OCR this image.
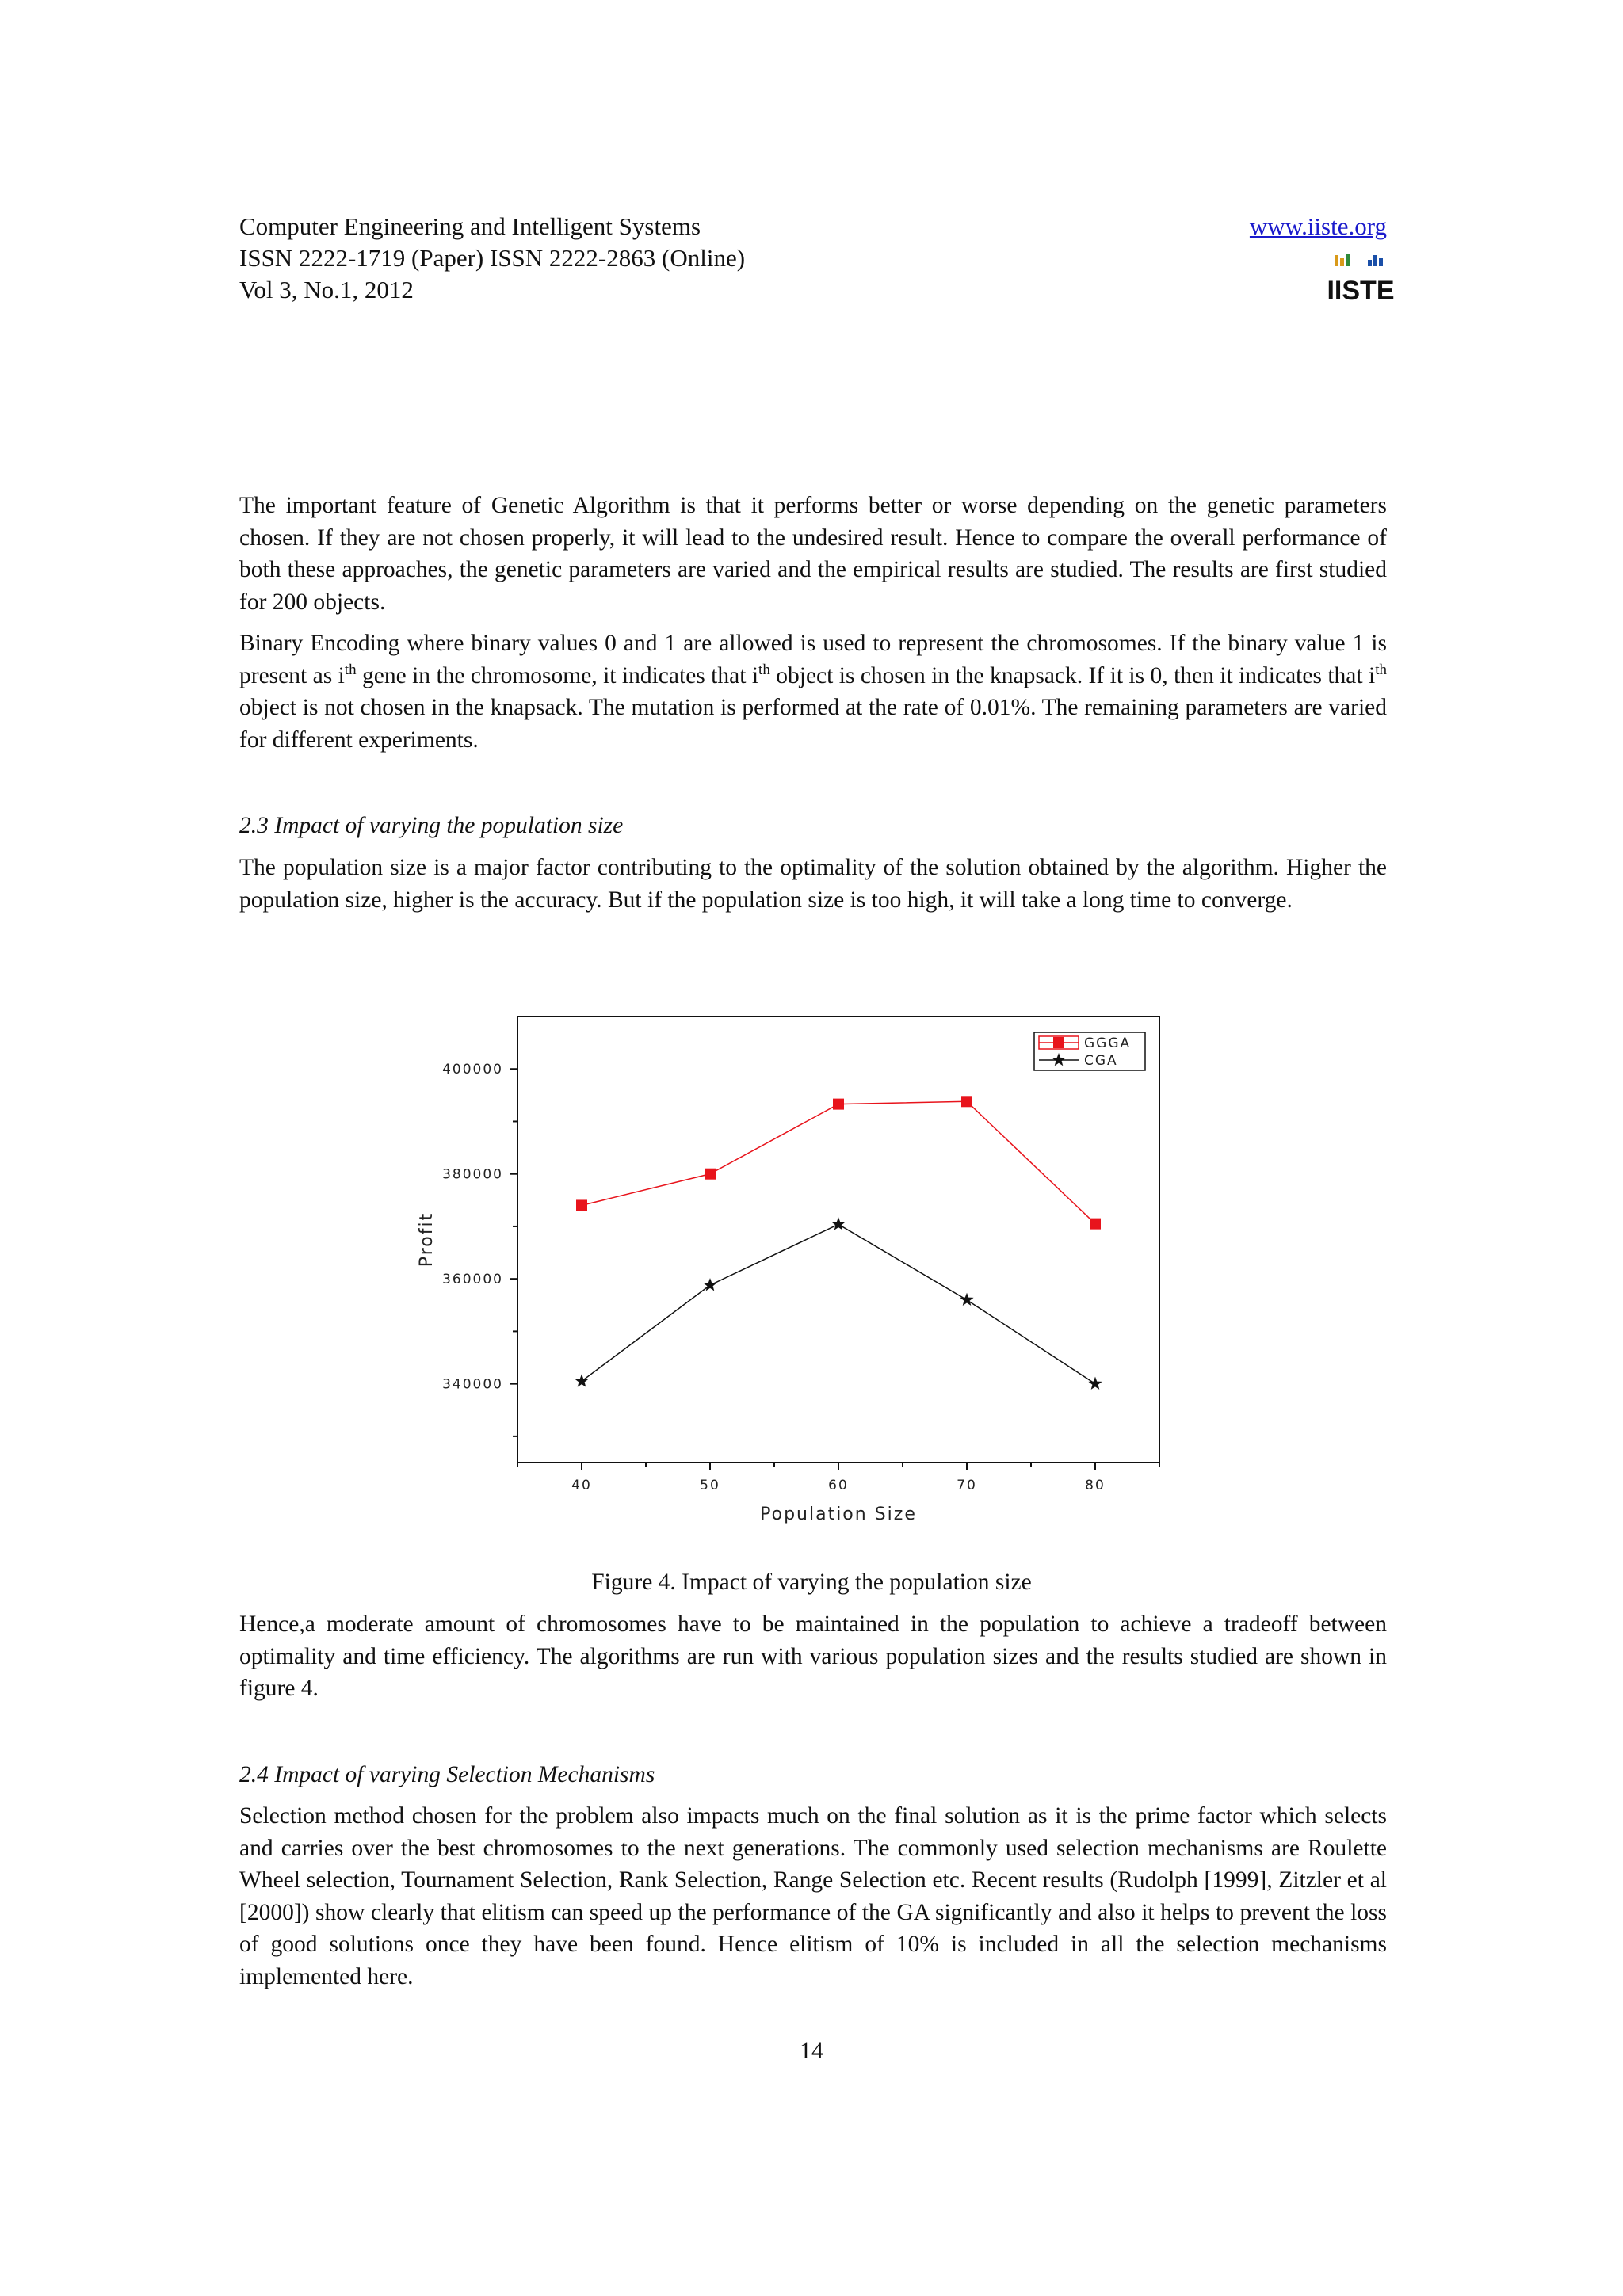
Computer Engineering and Intelligent Systems
ISSN 2222-1719 (Paper) ISSN 2222-2863 (Online)
Vol 3, No.1, 2012
www.iiste.org
IISTE

The important feature of Genetic Algorithm is that it performs better or worse depending on the genetic parameters chosen. If they are not chosen properly, it will lead to the undesired result. Hence to compare the overall performance of both these approaches, the genetic parameters are varied and the empirical results are studied. The results are first studied for 200 objects.

Binary Encoding where binary values 0 and 1 are allowed is used to represent the chromosomes. If the binary value 1 is present as $i^{th}$ gene in the chromosome, it indicates that $i^{th}$ object is chosen in the knapsack. If it is 0, then it indicates that $i^{th}$ object is not chosen in the knapsack. The mutation is performed at the rate of 0.01%. The remaining parameters are varied for different experiments.

2.3 Impact of varying the population size

The population size is a major factor contributing to the optimality of the solution obtained by the algorithm. Higher the population size, higher is the accuracy. But if the population size is too high, it will take a long time to converge.

340000
360000
380000
400000
40	50	60	70	80
Population Size
Profit
GGGA
CGA
Figure 4. Impact of varying the population size

Hence,a moderate amount of chromosomes have to be maintained in the population to achieve a tradeoff between optimality and time efficiency. The algorithms are run with various population sizes and the results studied are shown in figure 4.

2.4 Impact of varying Selection Mechanisms

Selection method chosen for the problem also impacts much on the final solution as it is the prime factor which selects and carries over the best chromosomes to the next generations. The commonly used selection mechanisms are Roulette Wheel selection, Tournament Selection, Rank Selection, Range Selection etc. Recent results (Rudolph [1999], Zitzler et al [2000]) show clearly that elitism can speed up the performance of the GA significantly and also it helps to prevent the loss of good solutions once they have been found. Hence elitism of 10% is included in all the selection mechanisms implemented here.

14
